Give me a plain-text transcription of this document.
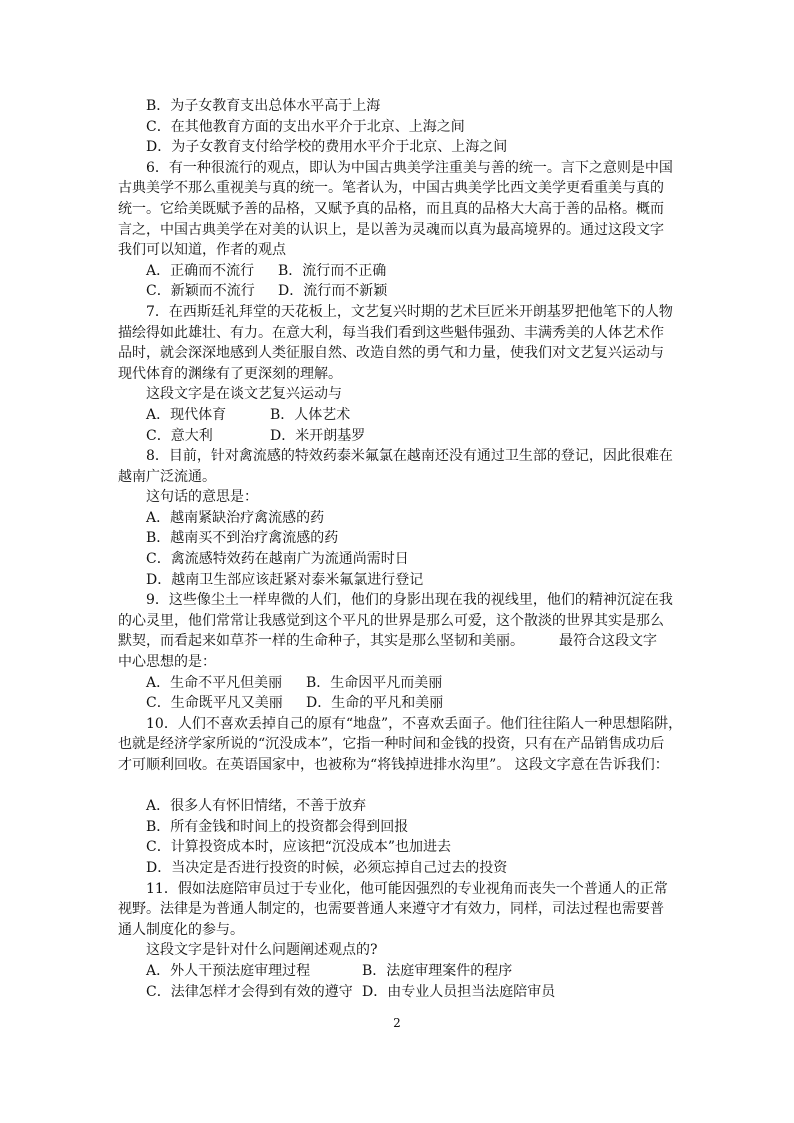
B．为子女教育支出总体水平高于上海
C．在其他教育方面的支出水平介于北京、上海之间
D．为子女教育支付给学校的费用水平介于北京、上海之间
6．有一种很流行的观点，即认为中国古典美学注重美与善的统一。言下之意则是中国
古典美学不那么重视美与真的统一。笔者认为，中国古典美学比西文美学更看重美与真的
统一。它给美既赋予善的品格，又赋予真的品格，而且真的品格大大高于善的品格。概而
言之，中国古典美学在对美的认识上，是以善为灵魂而以真为最高境界的。通过这段文字
我们可以知道，作者的观点
A．正确而不流行	B．流行而不正确
C．新颖而不流行	D．流行而不新颖
7．在西斯廷礼拜堂的天花板上，文艺复兴时期的艺术巨匠米开朗基罗把他笔下的人物
描绘得如此雄壮、有力。在意大利，每当我们看到这些魁伟强劲、丰满秀美的人体艺术作
品时，就会深深地感到人类征服自然、改造自然的勇气和力量，使我们对文艺复兴运动与
现代体育的渊缘有了更深刻的理解。
这段文字是在谈文艺复兴运动与
A．现代体育	B．人体艺术
C．意大利	D．米开朗基罗
8．目前，针对禽流感的特效药泰米氟氯在越南还没有通过卫生部的登记，因此很难在
越南广泛流通。
这句话的意思是：
A．越南紧缺治疗禽流感的药
B．越南买不到治疗禽流感的药
C．禽流感特效药在越南广为流通尚需时日
D．越南卫生部应该赶紧对泰米氟氯进行登记
9．这些像尘土一样卑微的人们，他们的身影出现在我的视线里，他们的精神沉淀在我
的心灵里，他们常常让我感觉到这个平凡的世界是那么可爱，这个散淡的世界其实是那么
默契，而看起来如草芥一样的生命种子，其实是那么坚韧和美丽。　　　最符合这段文字
中心思想的是：
A．生命不平凡但美丽	B．生命因平凡而美丽
C．生命既平凡又美丽	D．生命的平凡和美丽
10．人们不喜欢丢掉自己的原有“地盘”，不喜欢丢面子。他们往往陷人一种思想陷阱，
也就是经济学家所说的“沉没成本”，它指一种时间和金钱的投资，只有在产品销售成功后
才可顺利回收。在英语国家中，也被称为“将钱掉进排水沟里”。 这段文字意在告诉我们：
A．很多人有怀旧情绪，不善于放弃
B．所有金钱和时间上的投资都会得到回报
C．计算投资成本时，应该把“沉没成本”也加进去
D．当决定是否进行投资的时候，必须忘掉自己过去的投资
11．假如法庭陪审员过于专业化，他可能因强烈的专业视角而丧失一个普通人的正常
视野。法律是为普通人制定的，也需要普通人来遵守才有效力，同样，司法过程也需要普
通人制度化的参与。
这段文字是针对什么问题阐述观点的?
A．外人干预法庭审理过程	B．法庭审理案件的程序
C．法律怎样才会得到有效的遵守 D．由专业人员担当法庭陪审员
2
